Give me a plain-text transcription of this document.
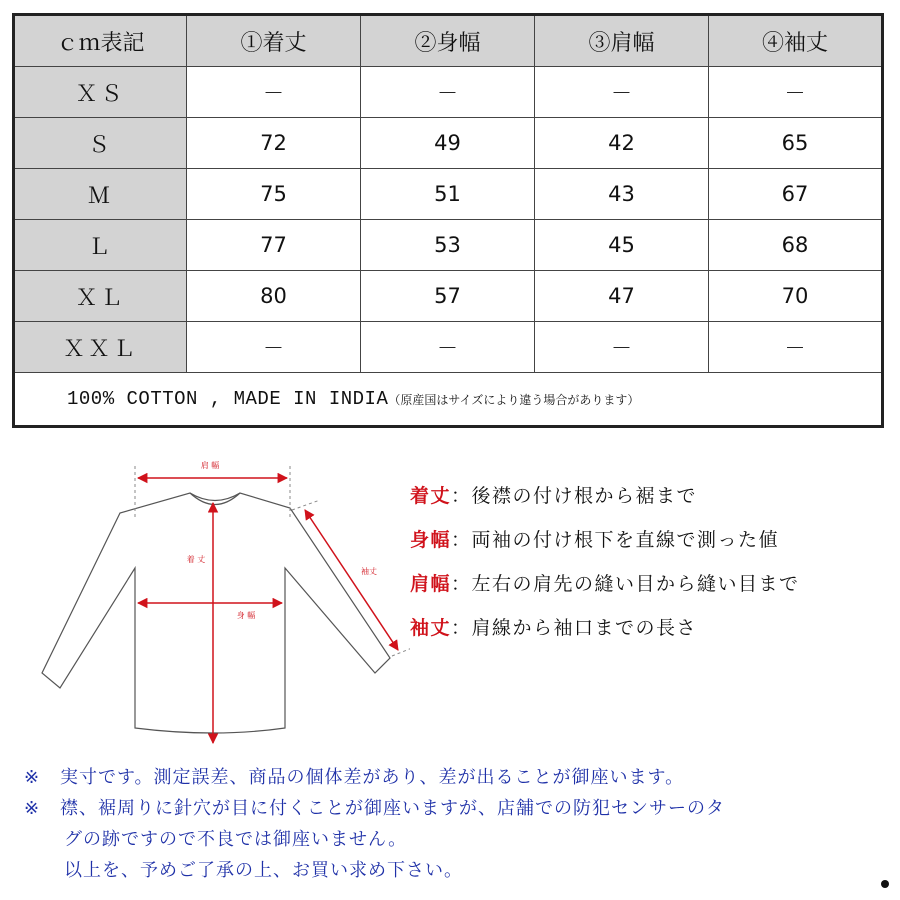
ｃｍ表記	①着丈	②身幅	③肩幅	④袖丈
ＸＳ	－	－	－	－
Ｓ	72	49	42	65
Ｍ	75	51	43	67
Ｌ	77	53	45	68
ＸＬ	80	57	47	70
ＸＸＬ	－	－	－	－
100% COTTON , MADE IN INDIA（原産国はサイズにより違う場合があります）				
肩 幅
着 丈
身 幅
袖丈
着丈：後襟の付け根から裾まで
身幅：両袖の付け根下を直線で測った値
肩幅：左右の肩先の縫い目から縫い目まで
袖丈：肩線から袖口までの長さ
※ 実寸です。測定誤差、商品の個体差があり、差が出ることが御座います。
※ 襟、裾周りに針穴が目に付くことが御座いますが、店舗での防犯センサーのタ
グの跡ですので不良では御座いません。
以上を、予めご了承の上、お買い求め下さい。
